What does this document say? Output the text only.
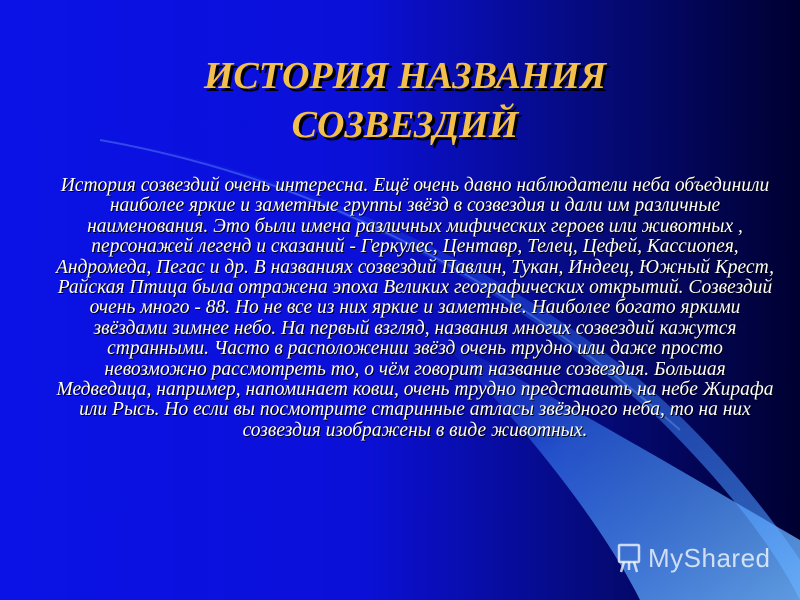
ИСТОРИЯ НАЗВАНИЯ
СОЗВЕЗДИЙ

История созвездий очень интересна. Ещё очень давно наблюдатели неба объединили наиболее яркие и заметные группы звёзд в созвездия и дали им различные наименования. Это были имена различных мифических героев или животных , персонажей легенд и сказаний - Геркулес, Центавр, Телец, Цефей, Кассиопея, Андромеда, Пегас и др. В названиях созвездий Павлин, Тукан, Индеец, Южный Крест, Райская Птица была отражена эпоха Великих географических открытий. Созвездий очень много - 88. Но не все из них яркие и заметные. Наиболее богато яркими звёздами зимнее небо. На первый взгляд, названия многих созвездий кажутся странными. Часто в расположении звёзд очень трудно или даже просто невозможно рассмотреть то, о чём говорит название созвездия. Большая Медведица, например, напоминает ковш, очень трудно представить на небе Жирафа или Рысь. Но если вы посмотрите старинные атласы звёздного неба, то на них созвездия изображены в виде животных.

MyShared
